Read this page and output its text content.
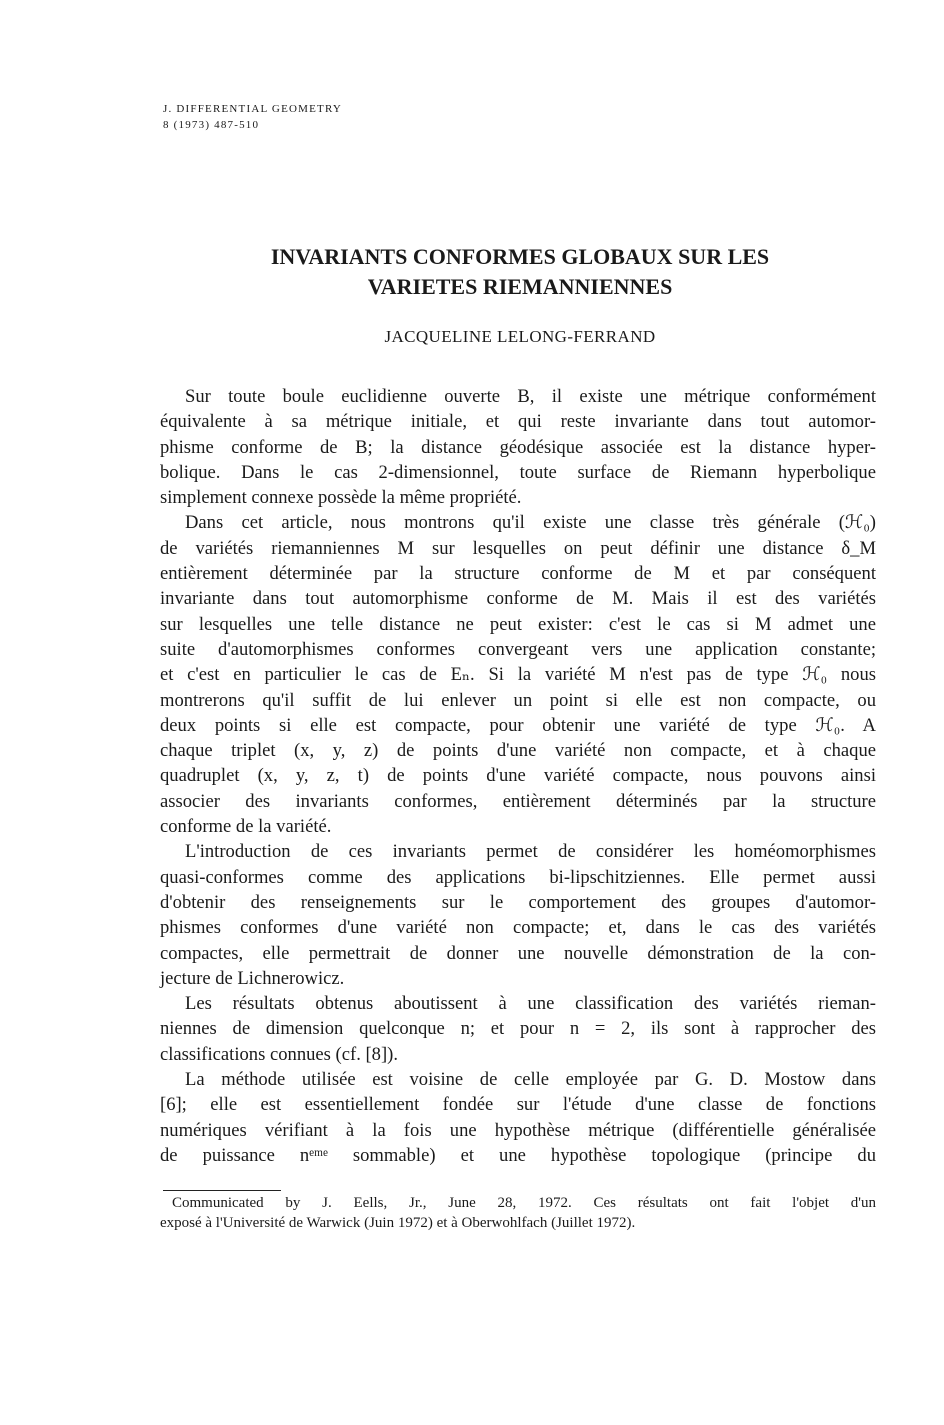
J. DIFFERENTIAL GEOMETRY
8 (1973) 487-510
INVARIANTS CONFORMES GLOBAUX SUR LES
VARIETES RIEMANNIENNES
JACQUELINE LELONG-FERRAND
Sur toute boule euclidienne ouverte B, il existe une métrique conformément
équivalente à sa métrique initiale, et qui reste invariante dans tout automor-
phisme conforme de B; la distance géodésique associée est la distance hyper-
bolique. Dans le cas 2-dimensionnel, toute surface de Riemann hyperbolique
simplement connexe possède la même propriété.
Dans cet article, nous montrons qu'il existe une classe très générale (ℋ₀)
de variétés riemanniennes M sur lesquelles on peut définir une distance δ_M
entièrement déterminée par la structure conforme de M et par conséquent
invariante dans tout automorphisme conforme de M. Mais il est des variétés
sur lesquelles une telle distance ne peut exister: c'est le cas si M admet une
suite d'automorphismes conformes convergeant vers une application constante;
et c'est en particulier le cas de Eₙ. Si la variété M n'est pas de type ℋ₀ nous
montrerons qu'il suffit de lui enlever un point si elle est non compacte, ou
deux points si elle est compacte, pour obtenir une variété de type ℋ₀. A
chaque triplet (x, y, z) de points d'une variété non compacte, et à chaque
quadruplet (x, y, z, t) de points d'une variété compacte, nous pouvons ainsi
associer des invariants conformes, entièrement déterminés par la structure
conforme de la variété.
L'introduction de ces invariants permet de considérer les homéomorphismes
quasi-conformes comme des applications bi-lipschitziennes. Elle permet aussi
d'obtenir des renseignements sur le comportement des groupes d'automor-
phismes conformes d'une variété non compacte; et, dans le cas des variétés
compactes, elle permettrait de donner une nouvelle démonstration de la con-
jecture de Lichnerowicz.
Les résultats obtenus aboutissent à une classification des variétés rieman-
niennes de dimension quelconque n; et pour n = 2, ils sont à rapprocher des
classifications connues (cf. [8]).
La méthode utilisée est voisine de celle employée par G. D. Mostow dans
[6]; elle est essentiellement fondée sur l'étude d'une classe de fonctions
numériques vérifiant à la fois une hypothèse métrique (différentielle généralisée
de puissance nᵉᵐᵉ sommable) et une hypothèse topologique (principe du
Communicated by J. Eells, Jr., June 28, 1972. Ces résultats ont fait l'objet d'un
exposé à l'Université de Warwick (Juin 1972) et à Oberwohlfach (Juillet 1972).
